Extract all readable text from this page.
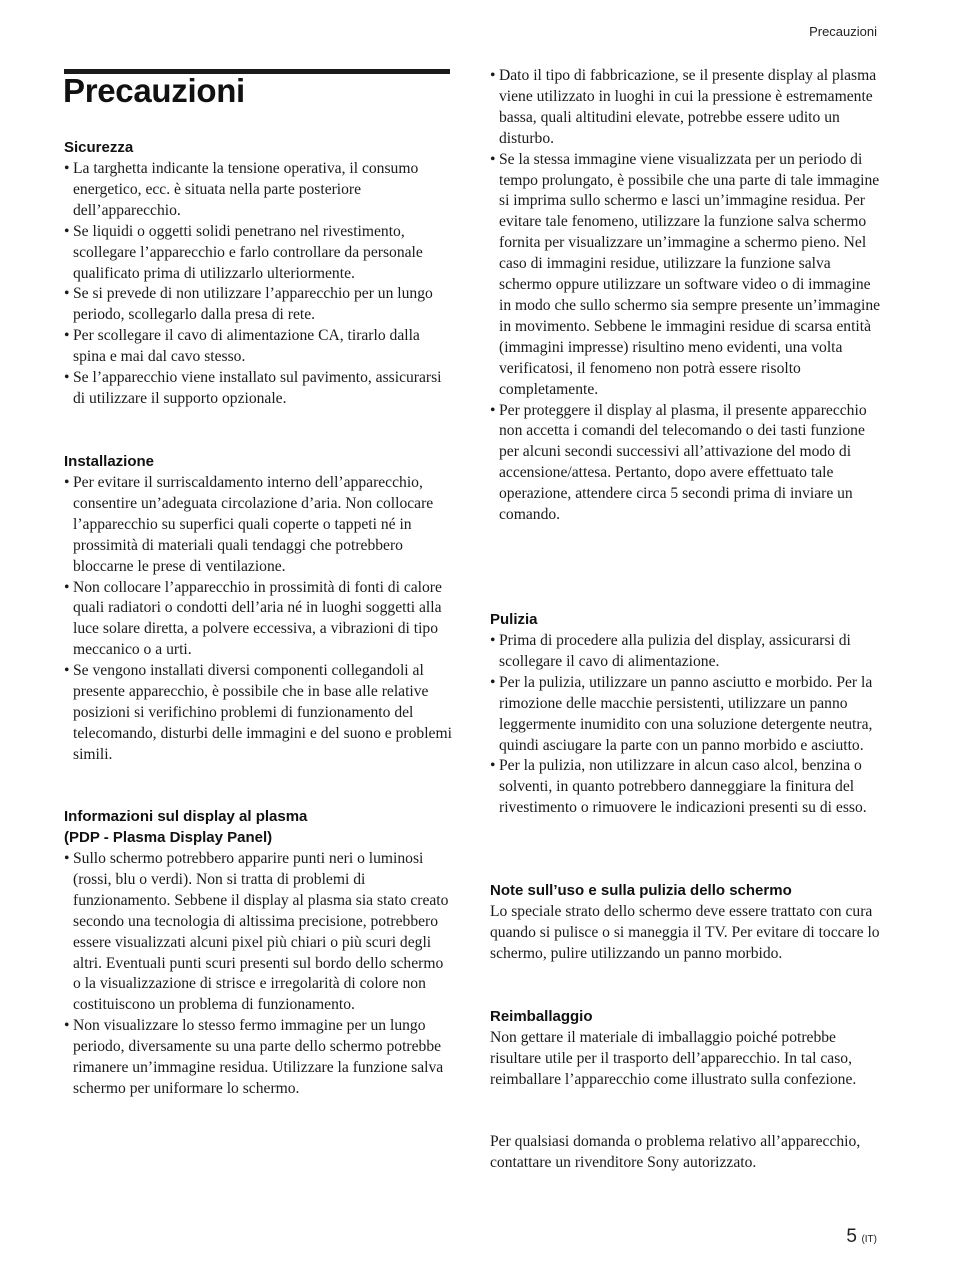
Precauzioni
Precauzioni
Sicurezza
• La targhetta indicante la tensione operativa, il consumo energetico, ecc. è situata nella parte posteriore dell’apparecchio.
• Se liquidi o oggetti solidi penetrano nel rivestimento, scollegare l’apparecchio e farlo controllare da personale qualificato prima di utilizzarlo ulteriormente.
• Se si prevede di non utilizzare l’apparecchio per un lungo periodo, scollegarlo dalla presa di rete.
• Per scollegare il cavo di alimentazione CA, tirarlo dalla spina e mai dal cavo stesso.
• Se l’apparecchio viene installato sul pavimento, assicurarsi di utilizzare il supporto opzionale.
Installazione
• Per evitare il surriscaldamento interno dell’apparecchio, consentire un’adeguata circolazione d’aria. Non collocare l’apparecchio su superfici quali coperte o tappeti né in prossimità di materiali quali tendaggi che potrebbero bloccarne le prese di ventilazione.
• Non collocare l’apparecchio in prossimità di fonti di calore quali radiatori o condotti dell’aria né in luoghi soggetti alla luce solare diretta, a polvere eccessiva, a vibrazioni di tipo meccanico o a urti.
• Se vengono installati diversi componenti collegandoli al presente apparecchio, è possibile che in base alle relative posizioni si verifichino problemi di funzionamento del telecomando, disturbi delle immagini e del suono e problemi simili.
Informazioni sul display al plasma
(PDP - Plasma Display Panel)
• Sullo schermo potrebbero apparire punti neri o luminosi (rossi, blu o verdi). Non si tratta di problemi di funzionamento. Sebbene il display al plasma sia stato creato secondo una tecnologia di altissima precisione, potrebbero essere visualizzati alcuni pixel più chiari o più scuri degli altri. Eventuali punti scuri presenti sul bordo dello schermo o la visualizzazione di strisce e irregolarità di colore non costituiscono un problema di funzionamento.
• Non visualizzare lo stesso fermo immagine per un lungo periodo, diversamente su una parte dello schermo potrebbe rimanere un’immagine residua. Utilizzare la funzione salva schermo per uniformare lo schermo.
• Dato il tipo di fabbricazione, se il presente display al plasma viene utilizzato in luoghi in cui la pressione è estremamente bassa, quali altitudini elevate, potrebbe essere udito un disturbo.
• Se la stessa immagine viene visualizzata per un periodo di tempo prolungato, è possibile che una parte di tale immagine si imprima sullo schermo e lasci un’immagine residua. Per evitare tale fenomeno, utilizzare la funzione salva schermo fornita per visualizzare un’immagine a schermo pieno. Nel caso di immagini residue, utilizzare la funzione salva schermo oppure utilizzare un software video o di immagine in modo che sullo schermo sia sempre presente un’immagine in movimento. Sebbene le immagini residue di scarsa entità (immagini impresse) risultino meno evidenti, una volta verificatosi, il fenomeno non potrà essere risolto completamente.
• Per proteggere il display al plasma, il presente apparecchio non accetta i comandi del telecomando o dei tasti funzione per alcuni secondi successivi all’attivazione del modo di accensione/attesa. Pertanto, dopo avere effettuato tale operazione, attendere circa 5 secondi prima di inviare un comando.
Pulizia
• Prima di procedere alla pulizia del display, assicurarsi di scollegare il cavo di alimentazione.
• Per la pulizia, utilizzare un panno asciutto e morbido. Per la rimozione delle macchie persistenti, utilizzare un panno leggermente inumidito con una soluzione detergente neutra, quindi asciugare la parte con un panno morbido e asciutto.
• Per la pulizia, non utilizzare in alcun caso alcol, benzina o solventi, in quanto potrebbero danneggiare la finitura del rivestimento o rimuovere le indicazioni presenti su di esso.
Note sull’uso e sulla pulizia dello schermo

Lo speciale strato dello schermo deve essere trattato con cura quando si pulisce o si maneggia il TV. Per evitare di toccare lo schermo, pulire utilizzando un panno morbido.

Reimballaggio

Non gettare il materiale di imballaggio poiché potrebbe risultare utile per il trasporto dell’apparecchio. In tal caso, reimballare l’apparecchio come illustrato sulla confezione.

Per qualsiasi domanda o problema relativo all’apparecchio, contattare un rivenditore Sony autorizzato.

5 (IT)
